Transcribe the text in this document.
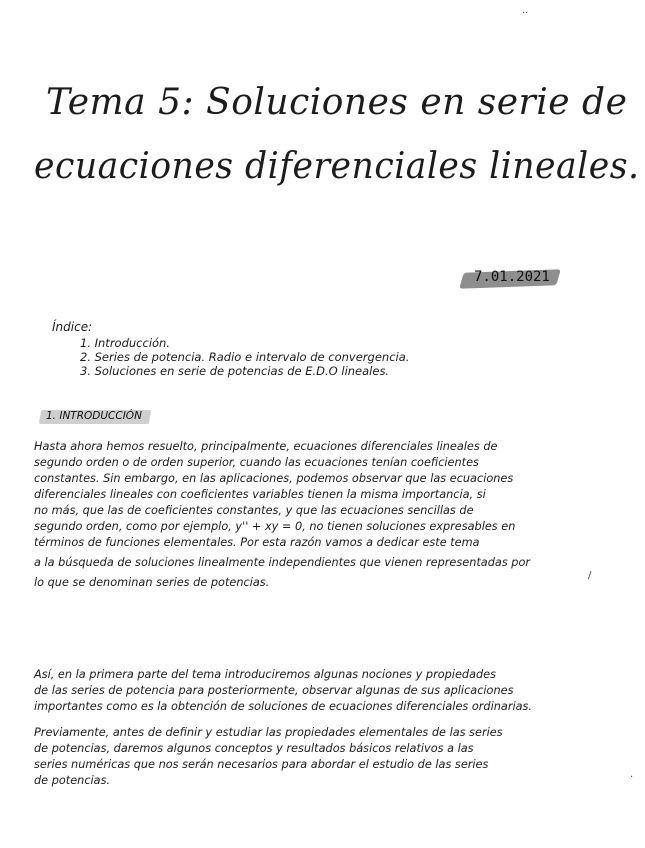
Tema 5: Soluciones en serie de
ecuaciones diferenciales lineales.
7.01.2021
Índice:
1. Introducción.
2. Series de potencia. Radio e intervalo de convergencia.
3. Soluciones en serie de potencias de E.D.O lineales.
1. INTRODUCCIÓN
Hasta ahora hemos resuelto, principalmente, ecuaciones diferenciales lineales de
segundo orden o de orden superior, cuando las ecuaciones tenían coeficientes
constantes. Sin embargo, en las aplicaciones, podemos observar que las ecuaciones
diferenciales lineales con coeficientes variables tienen la misma importancia, si
no más, que las de coeficientes constantes, y que las ecuaciones sencillas de
segundo orden, como por ejemplo, y'' + xy = 0, no tienen soluciones expresables en
términos de funciones elementales. Por esta razón vamos a dedicar este tema
a la búsqueda de soluciones linealmente independientes que vienen representadas por
lo que se denominan series de potencias.
Así, en la primera parte del tema introduciremos algunas nociones y propiedades
de las series de potencia para posteriormente, observar algunas de sus aplicaciones
importantes como es la obtención de soluciones de ecuaciones diferenciales ordinarias.
Previamente, antes de definir y estudiar las propiedades elementales de las series
de potencias, daremos algunos conceptos y resultados básicos relativos a las
series numéricas que nos serán necesarios para abordar el estudio de las series
de potencias.
··
/
·
